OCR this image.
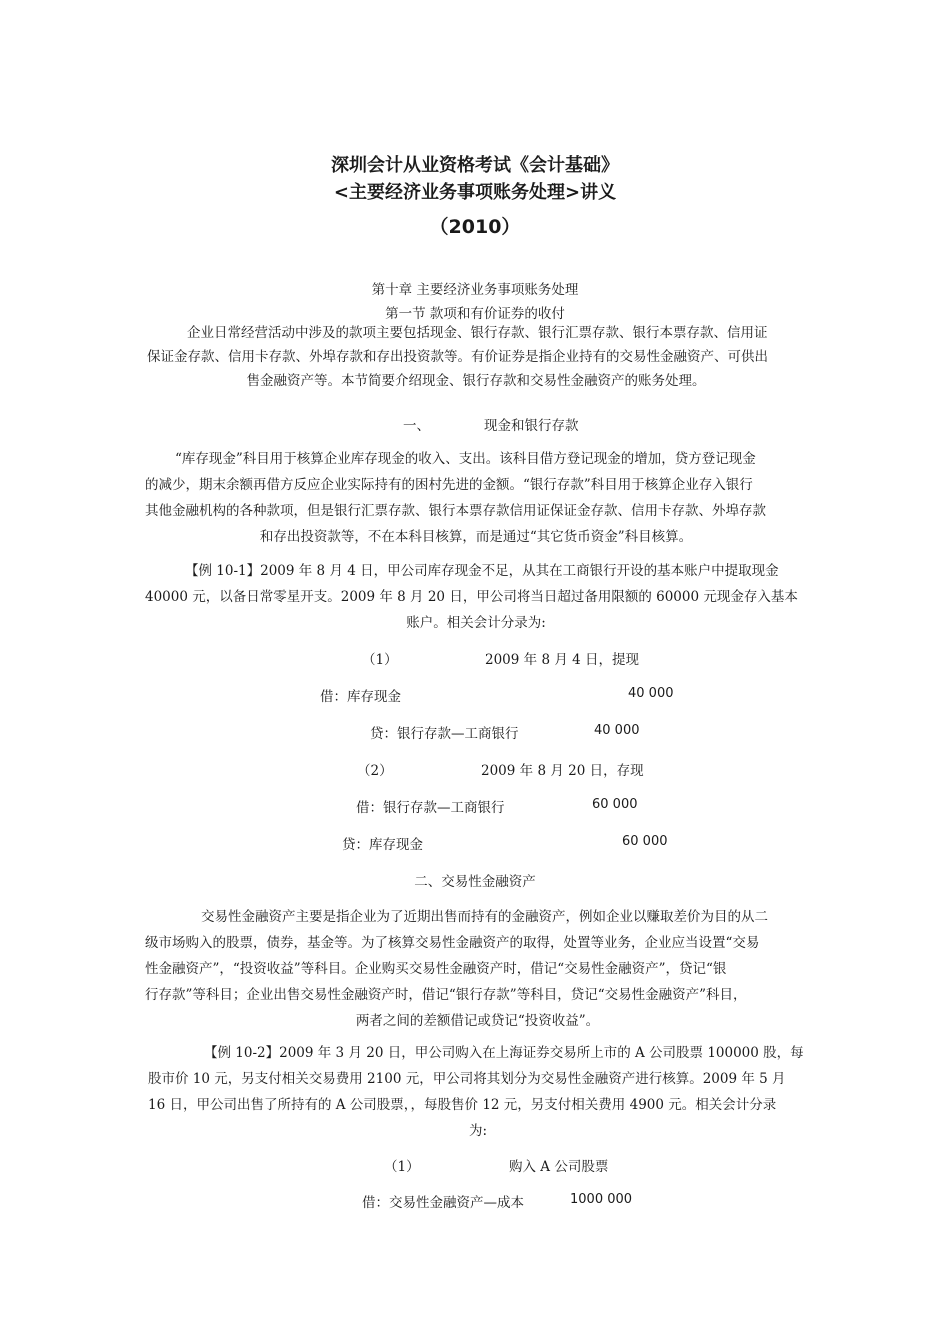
深圳会计从业资格考试《会计基础》
<主要经济业务事项账务处理>讲义
（2010）
第十章 主要经济业务事项账务处理
第一节 款项和有价证券的收付
企业日常经营活动中涉及的款项主要包括现金、银行存款、银行汇票存款、银行本票存款、信用证
保证金存款、信用卡存款、外埠存款和存出投资款等。有价证券是指企业持有的交易性金融资产、可供出
售金融资产等。本节简要介绍现金、银行存款和交易性金融资产的账务处理。
一、	现金和银行存款
“库存现金”科目用于核算企业库存现金的收入、支出。该科目借方登记现金的增加，贷方登记现金
的减少，期末余额再借方反应企业实际持有的困村先进的金额。“银行存款”科目用于核算企业存入银行
其他金融机构的各种款项，但是银行汇票存款、银行本票存款信用证保证金存款、信用卡存款、外埠存款
和存出投资款等，不在本科目核算，而是通过“其它货币资金”科目核算。
【例 10-1】2009 年 8 月 4 日，甲公司库存现金不足，从其在工商银行开设的基本账户中提取现金
40000 元，以备日常零星开支。2009 年 8 月 20 日，甲公司将当日超过备用限额的 60000 元现金存入基本
账户。相关会计分录为:
（1）	2009 年 8 月 4 日，提现
借：库存现金	40 000
贷：银行存款—工商银行	40 000
（2）	2009 年 8 月 20 日，存现
借：银行存款—工商银行	60 000
贷：库存现金	60 000
二、交易性金融资产
交易性金融资产主要是指企业为了近期出售而持有的金融资产，例如企业以赚取差价为目的从二
级市场购入的股票，债券，基金等。为了核算交易性金融资产的取得，处置等业务，企业应当设置“交易
性金融资产”，“投资收益”等科目。企业购买交易性金融资产时，借记“交易性金融资产”，贷记“银
行存款”等科目；企业出售交易性金融资产时，借记“银行存款”等科目，贷记“交易性金融资产”科目，
两者之间的差额借记或贷记“投资收益”。
【例 10-2】2009 年 3 月 20 日，甲公司购入在上海证券交易所上市的 A 公司股票 100000 股，每
股市价 10 元，另支付相关交易费用 2100 元，甲公司将其划分为交易性金融资产进行核算。2009 年 5 月
16 日，甲公司出售了所持有的 A 公司股票，，每股售价 12 元，另支付相关费用 4900 元。相关会计分录
为:
（1）	购入 A 公司股票
借：交易性金融资产—成本	1000 000
